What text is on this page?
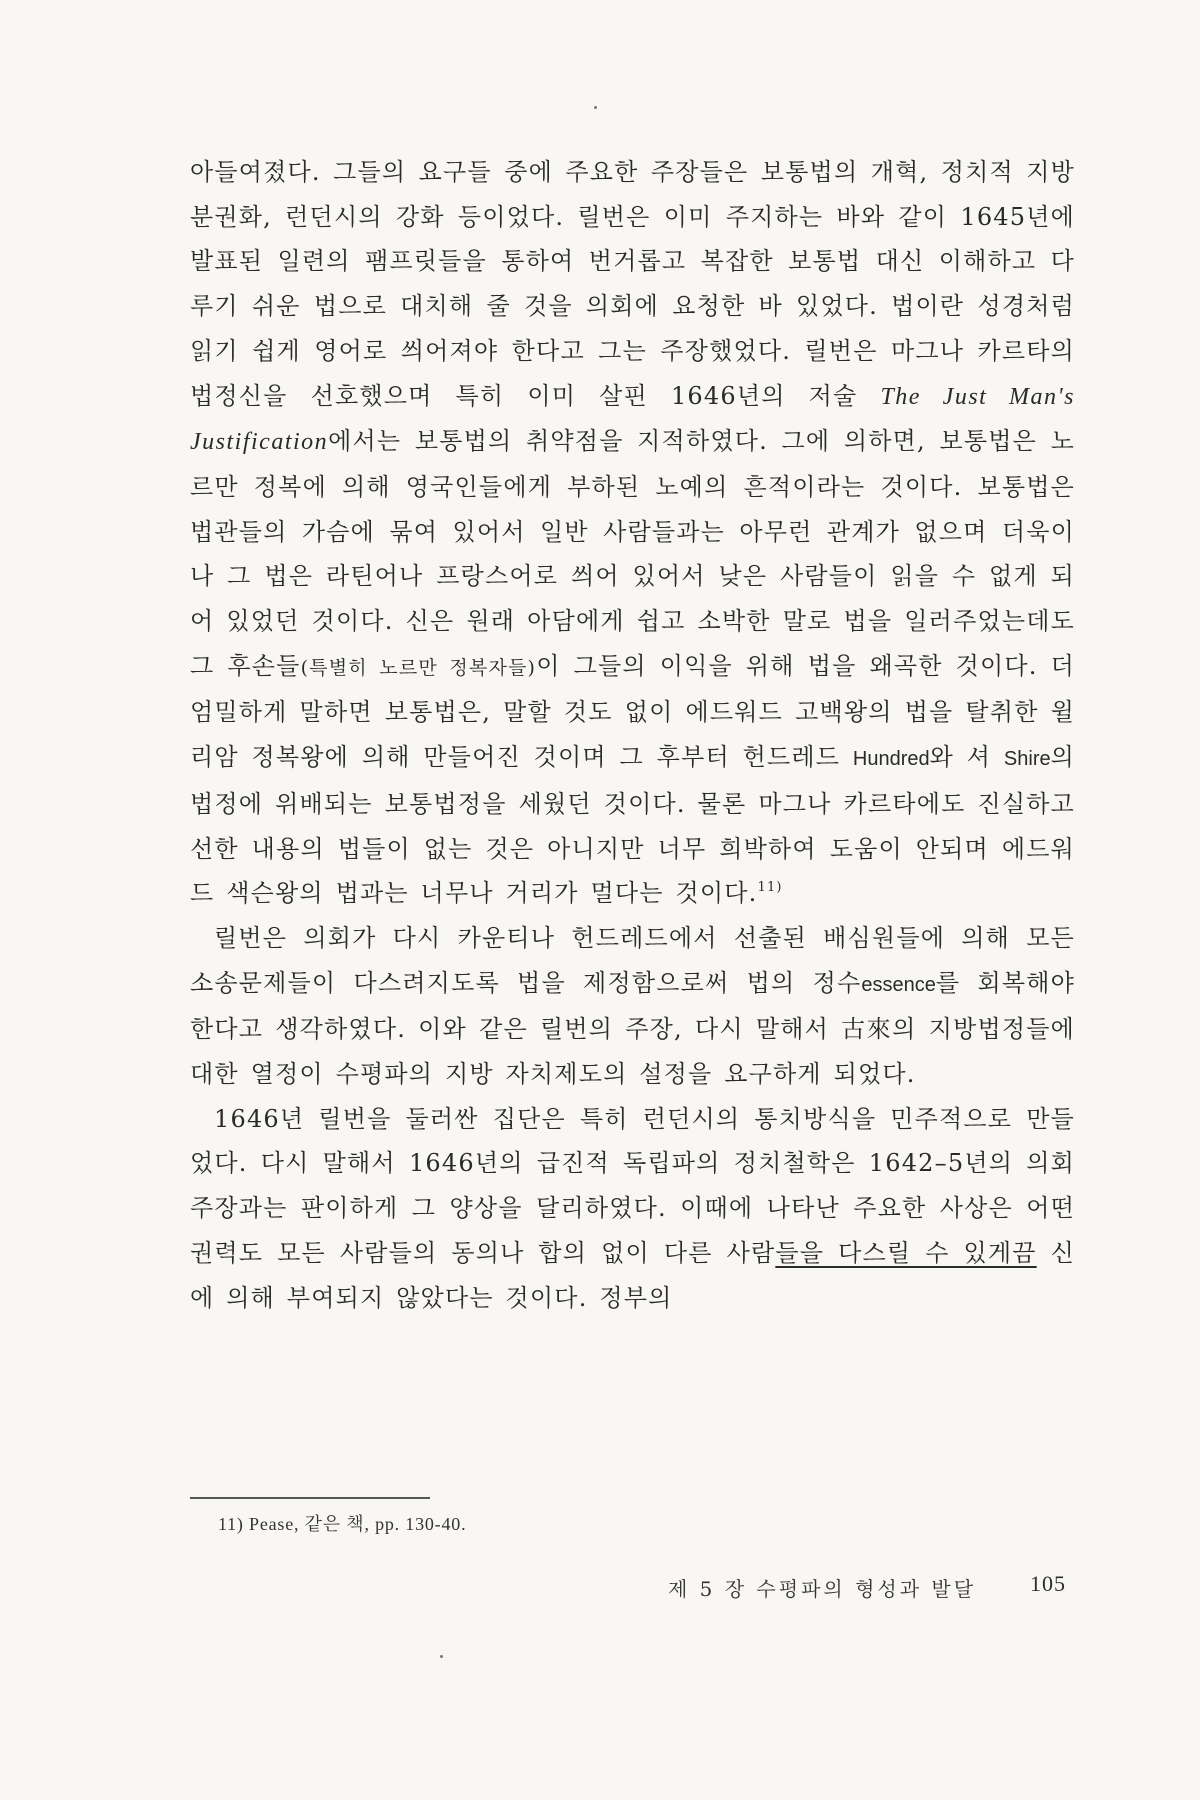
아들여졌다. 그들의 요구들 중에 주요한 주장들은 보통법의 개혁, 정치적 지방분권화, 런던시의 강화 등이었다. 릴번은 이미 주지하는 바와 같이 1645년에 발표된 일련의 팸프릿들을 통하여 번거롭고 복잡한 보통법 대신 이해하고 다루기 쉬운 법으로 대치해 줄 것을 의회에 요청한 바 있었다. 법이란 성경처럼 읽기 쉽게 영어로 씌어져야 한다고 그는 주장했었다. 릴번은 마그나 카르타의 법정신을 선호했으며 특히 이미 살핀 1646년의 저술 The Just Man's Justification에서는 보통법의 취약점을 지적하였다. 그에 의하면, 보통법은 노르만 정복에 의해 영국인들에게 부하된 노예의 흔적이라는 것이다. 보통법은 법관들의 가슴에 묶여 있어서 일반 사람들과는 아무런 관계가 없으며 더욱이나 그 법은 라틴어나 프랑스어로 씌어 있어서 낮은 사람들이 읽을 수 없게 되어 있었던 것이다. 신은 원래 아담에게 쉽고 소박한 말로 법을 일러주었는데도 그 후손들(특별히 노르만 정복자들)이 그들의 이익을 위해 법을 왜곡한 것이다. 더 엄밀하게 말하면 보통법은, 말할 것도 없이 에드워드 고백왕의 법을 탈취한 윌리암 정복왕에 의해 만들어진 것이며 그 후부터 헌드레드 Hundred와 셔 Shire의 법정에 위배되는 보통법정을 세웠던 것이다. 물론 마그나 카르타에도 진실하고 선한 내용의 법들이 없는 것은 아니지만 너무 희박하여 도움이 안되며 에드워드 색슨왕의 법과는 너무나 거리가 멀다는 것이다.$^{11)}$

릴번은 의회가 다시 카운티나 헌드레드에서 선출된 배심원들에 의해 모든 소송문제들이 다스려지도록 법을 제정함으로써 법의 정수essence를 회복해야 한다고 생각하였다. 이와 같은 릴번의 주장, 다시 말해서 古來의 지방법정들에 대한 열정이 수평파의 지방 자치제도의 설정을 요구하게 되었다.

1646년 릴번을 둘러싼 집단은 특히 런던시의 통치방식을 민주적으로 만들었다. 다시 말해서 1646년의 급진적 독립파의 정치철학은 1642–5년의 의회 주장과는 판이하게 그 양상을 달리하였다. 이때에 나타난 주요한 사상은 어떤 권력도 모든 사람들의 동의나 합의 없이 다른 사람들을 다스릴 수 있게끔 신에 의해 부여되지 않았다는 것이다. 정부의

11) Pease, 같은 책, pp. 130-40.
제 5 장 수평파의 형성과 발달 105
